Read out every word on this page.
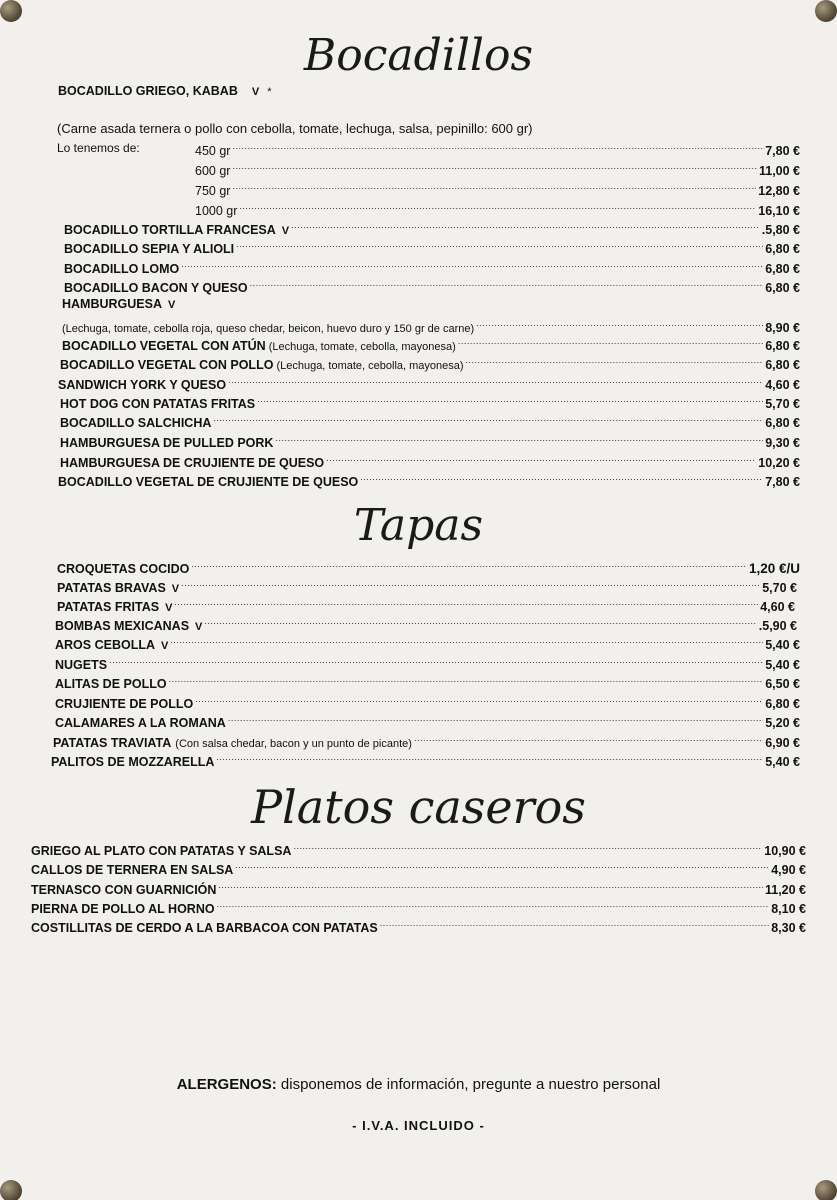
Bocadillos
BOCADILLO GRIEGO, KABAB V *
(Carne asada ternera o pollo con cebolla, tomate, lechuga, salsa, pepinillo: 600 gr)
Lo tenemos de:	450 gr .....	7,80 €
600 gr .....	11,00 €
750 gr .....	12,80 €
1000 gr .....	16,10 €
BOCADILLO TORTILLA FRANCESA V .....	.5,80 €
BOCADILLO SEPIA Y ALIOLI .....	6,80 €
BOCADILLO LOMO .....	6,80 €
BOCADILLO BACON Y QUESO .....	6,80 €
HAMBURGUESA V
(Lechuga, tomate, cebolla roja, queso chedar, beicon, huevo duro y 150 gr de carne) .....	8,90 €
BOCADILLO VEGETAL CON ATÚN (Lechuga, tomate, cebolla, mayonesa) .....	6,80 €
BOCADILLO VEGETAL CON POLLO (Lechuga, tomate, cebolla, mayonesa) .....	6,80 €
SANDWICH YORK Y QUESO .....	4,60 €
HOT DOG CON PATATAS FRITAS .....	5,70 €
BOCADILLO SALCHICHA .....	6,80 €
HAMBURGUESA DE PULLED PORK .....	9,30 €
HAMBURGUESA DE CRUJIENTE DE QUESO .....	10,20 €
BOCADILLO VEGETAL DE CRUJIENTE DE QUESO .....	7,80 €
Tapas
CROQUETAS COCIDO .....	1,20 €/U
PATATAS BRAVAS V .....	5,70 €
PATATAS FRITAS V .....	4,60 €
BOMBAS MEXICANAS V .....	.5,90 €
AROS CEBOLLA V .....	5,40 €
NUGETS .....	5,40 €
ALITAS DE POLLO .....	6,50 €
CRUJIENTE DE POLLO .....	6,80 €
CALAMARES A LA ROMANA .....	5,20 €
PATATAS TRAVIATA (Con salsa chedar, bacon y un punto de picante) .....	6,90 €
PALITOS DE MOZZARELLA .....	5,40 €
Platos caseros
GRIEGO AL PLATO CON PATATAS Y SALSA .....	10,90 €
CALLOS DE TERNERA EN SALSA .....	4,90 €
TERNASCO CON GUARNICIÓN .....	11,20 €
PIERNA DE POLLO AL HORNO .....	8,10 €
COSTILLITAS DE CERDO A LA BARBACOA CON PATATAS .....	8,30 €
ALERGENOS: disponemos de información, pregunte a nuestro personal
- I.V.A. INCLUIDO -
